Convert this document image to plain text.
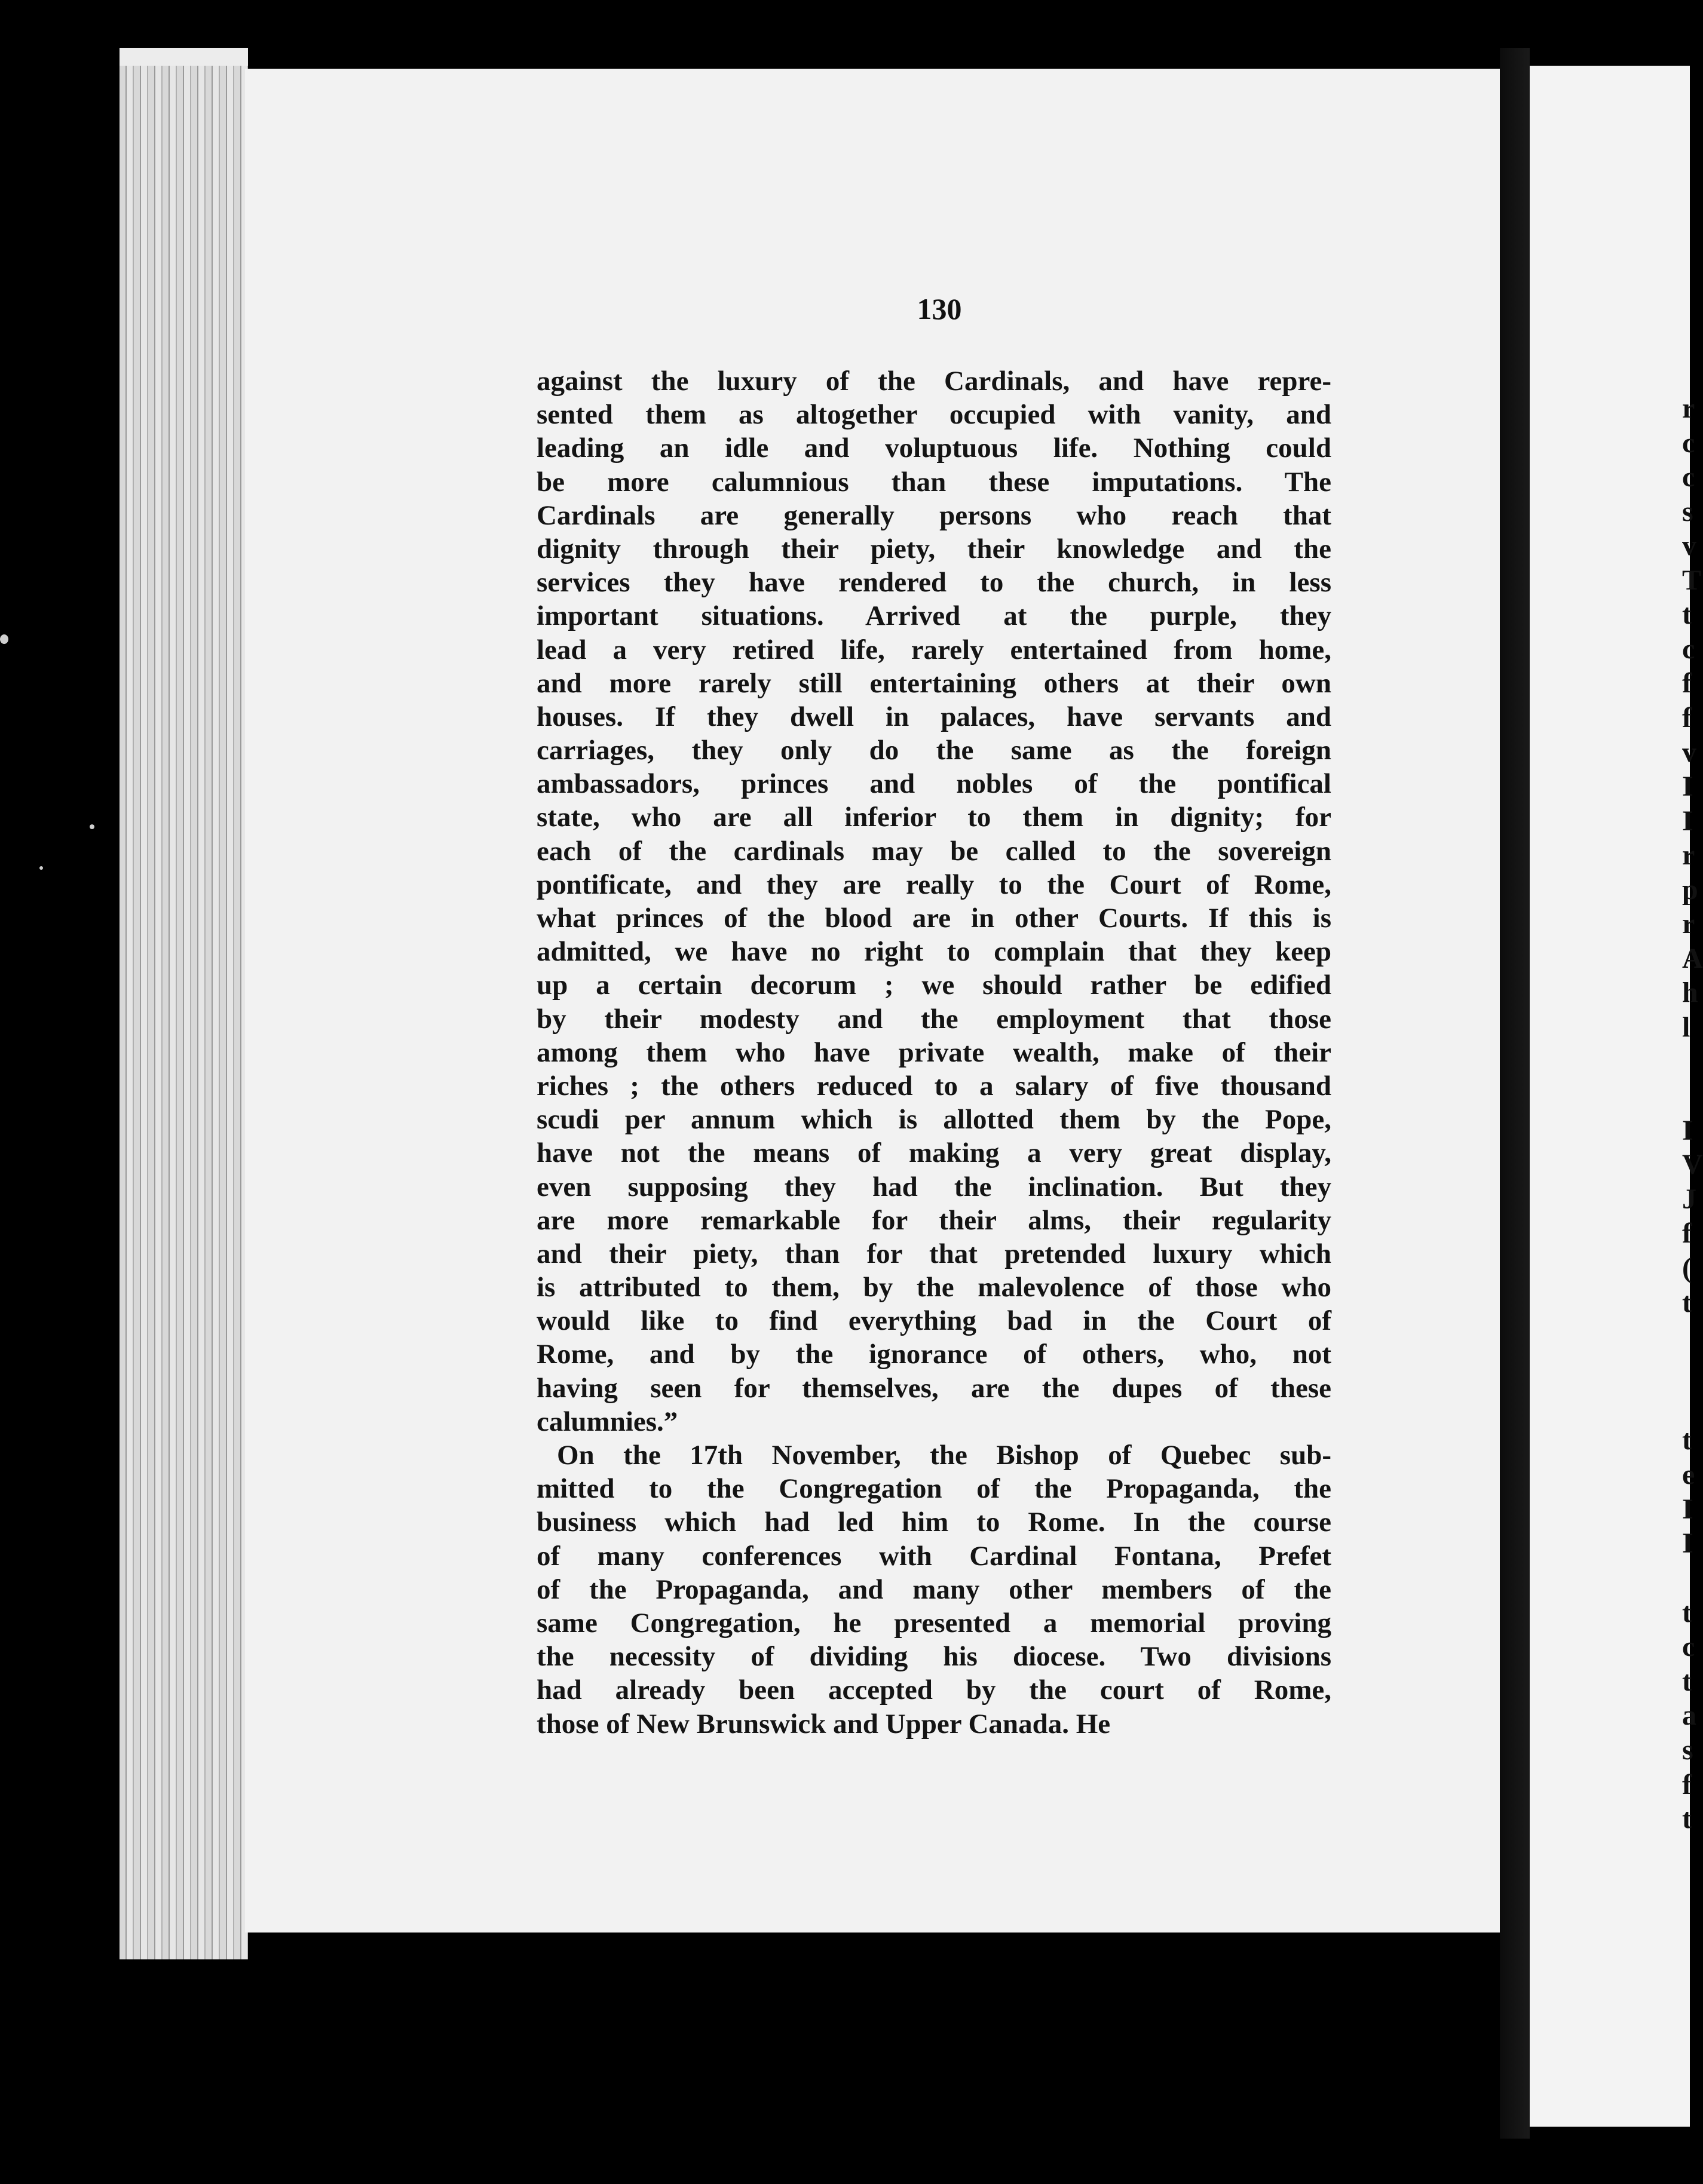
130
against the luxury of the Cardinals, and have repre-
sented them as altogether occupied with vanity, and
leading an idle and voluptuous life. Nothing could
be more calumnious than these imputations. The
Cardinals are generally persons who reach that
dignity through their piety, their knowledge and the
services they have rendered to the church, in less
important situations. Arrived at the purple, they
lead a very retired life, rarely entertained from home,
and more rarely still entertaining others at their own
houses. If they dwell in palaces, have servants and
carriages, they only do the same as the foreign
ambassadors, princes and nobles of the pontifical
state, who are all inferior to them in dignity; for
each of the cardinals may be called to the sovereign
pontificate, and they are really to the Court of Rome,
what princes of the blood are in other Courts. If this is
admitted, we have no right to complain that they keep
up a certain decorum ; we should rather be edified
by their modesty and the employment that those
among them who have private wealth, make of their
riches ; the others reduced to a salary of five thousand
scudi per annum which is allotted them by the Pope,
have not the means of making a very great display,
even supposing they had the inclination. But they
are more remarkable for their alms, their regularity
and their piety, than for that pretended luxury which
is attributed to them, by the malevolence of those who
would like to find everything bad in the Court of
Rome, and by the ignorance of others, who, not
having seen for themselves, are the dupes of these
calumnies.”
On the 17th November, the Bishop of Quebec sub-
mitted to the Congregation of the Propaganda, the
business which had led him to Rome. In the course
of many conferences with Cardinal Fontana, Prefet
of the Propaganda, and many other members of the
same Congregation, he presented a memorial proving
the necessity of dividing his diocese. Two divisions
had already been accepted by the court of Rome,
those of New Brunswick and Upper Canada. He
r
c
c
s
v
T
t
c
f
f
v
I
I
r
p
r
A
h
l
I
V
J
f
(
t
t
e
I
I
t
c
t
a
s
f
t
